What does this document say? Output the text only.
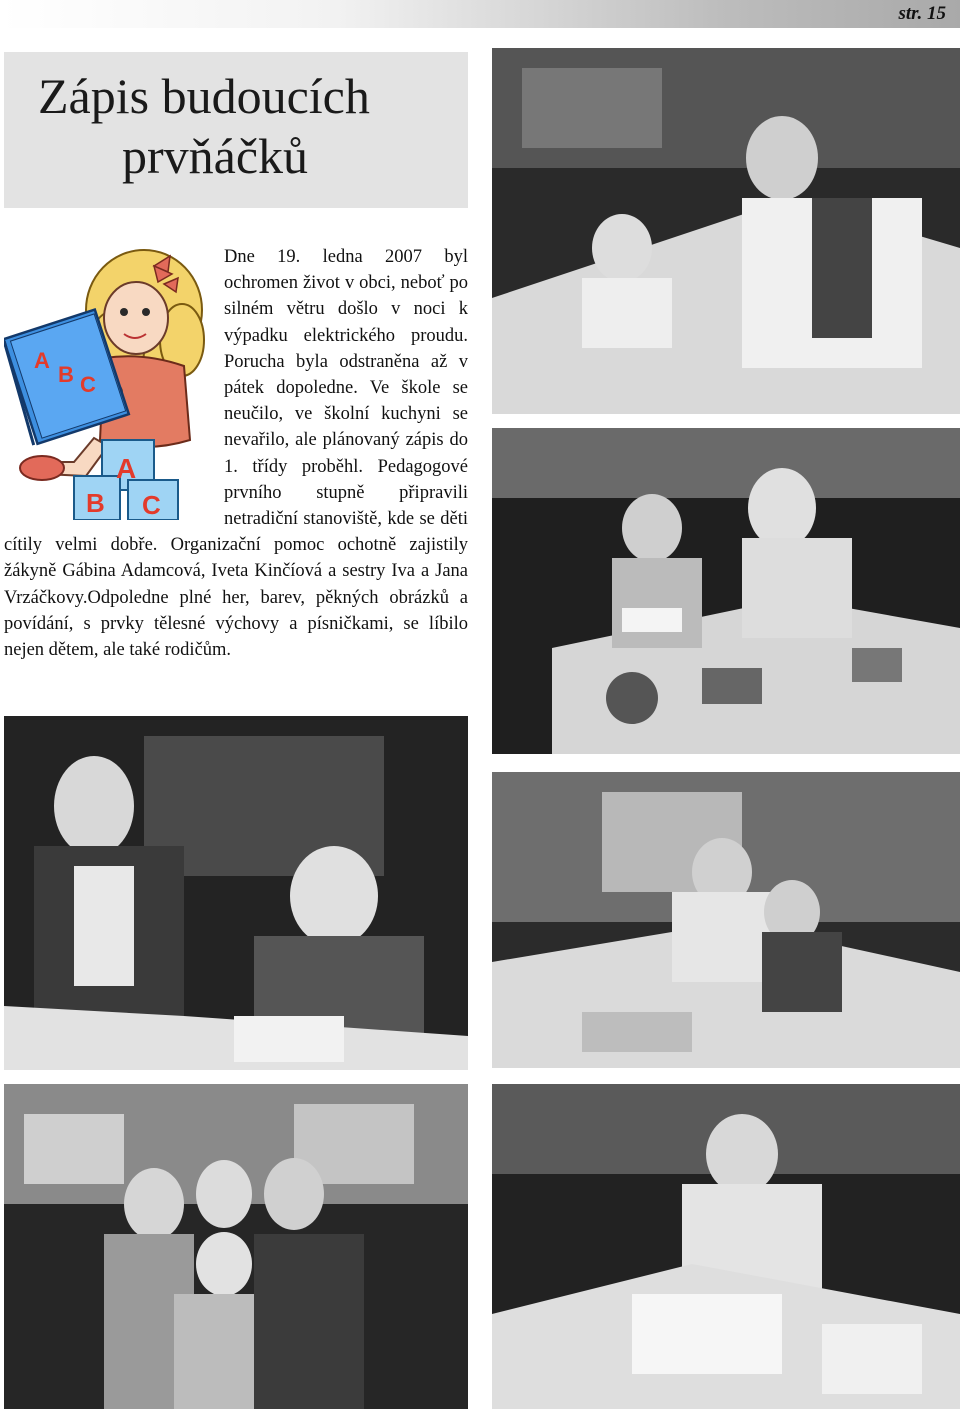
str. 15

Zápis budoucích

prvňáčků

A
B C
A
B C

Dne 19. ledna 2007 byl ochromen život v obci, neboť po silném větru došlo v noci k výpadku elektrického proudu. Porucha byla odstraněna až v pátek dopoledne. Ve škole se neučilo, ve školní kuchyni se nevařilo, ale plánovaný zápis do 1. třídy proběhl. Pedagogové prvního stupně připravili netradiční stanoviště, kde se děti cítily velmi dobře. Organizační pomoc ochotně zajistily žákyně Gábina Adamcová, Iveta Kinčíová a sestry Iva a Jana Vrzáčkovy.Odpoledne plné her, barev, pěkných obrázků a povídání, s prvky tělesné výchovy a písničkami, se líbilo nejen dětem, ale také rodičům.
